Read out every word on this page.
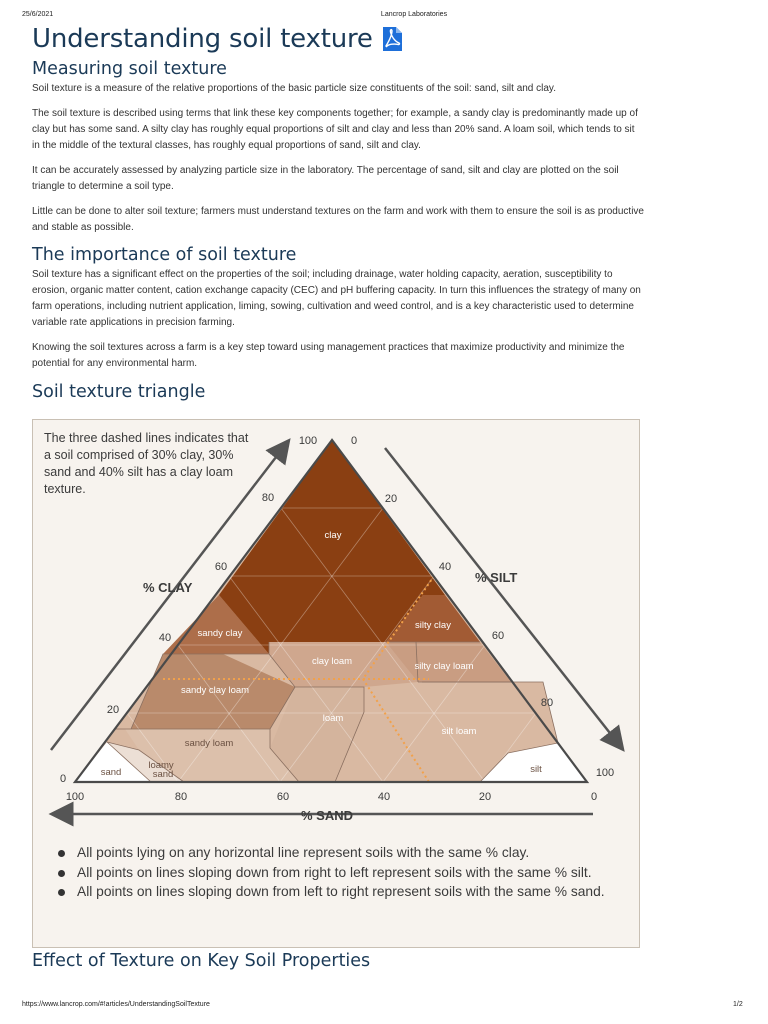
25/6/2021	Lancrop Laboratories
Understanding soil texture
Measuring soil texture

Soil texture is a measure of the relative proportions of the basic particle size constituents of the soil: sand, silt and clay.

The soil texture is described using terms that link these key components together; for example, a sandy clay is predominantly made up of clay but has some sand. A silty clay has roughly equal proportions of silt and clay and less than 20% sand. A loam soil, which tends to sit in the middle of the textural classes, has roughly equal proportions of sand, silt and clay.

It can be accurately assessed by analyzing particle size in the laboratory. The percentage of sand, silt and clay are plotted on the soil triangle to determine a soil type.

Little can be done to alter soil texture; farmers must understand textures on the farm and work with them to ensure the soil is as productive and stable as possible.

The importance of soil texture

Soil texture has a significant effect on the properties of the soil; including drainage, water holding capacity, aeration, susceptibility to erosion, organic matter content, cation exchange capacity (CEC) and pH buffering capacity. In turn this influences the strategy of many on farm operations, including nutrient application, liming, sowing, cultivation and weed control, and is a key characteristic used to determine variable rate applications in precision farming.

Knowing the soil textures across a farm is a key step toward using management practices that maximize productivity and minimize the potential for any environmental harm.

Soil texture triangle
clay
sandy clay
silty clay
clay loam	silty clay loam
sandy clay loam
loam
silt loam
sandy loam
loamy
sand
sand	silt
% CLAY
% SILT
% SAND
0
20
40
60
80
100	0
20
40
60
80
100
100	80	60	40	20	0
The three dashed lines indicates that a soil comprised of 30% clay, 30% sand and 40% silt has a clay loam texture.
All points lying on any horizontal line represent soils with the same % clay.
All points on lines sloping down from right to left represent soils with the same % silt.
All points on lines sloping down from left to right represent soils with the same % sand.
Effect of Texture on Key Soil Properties
https://www.lancrop.com/#!articles/UnderstandingSoilTexture	1/2
